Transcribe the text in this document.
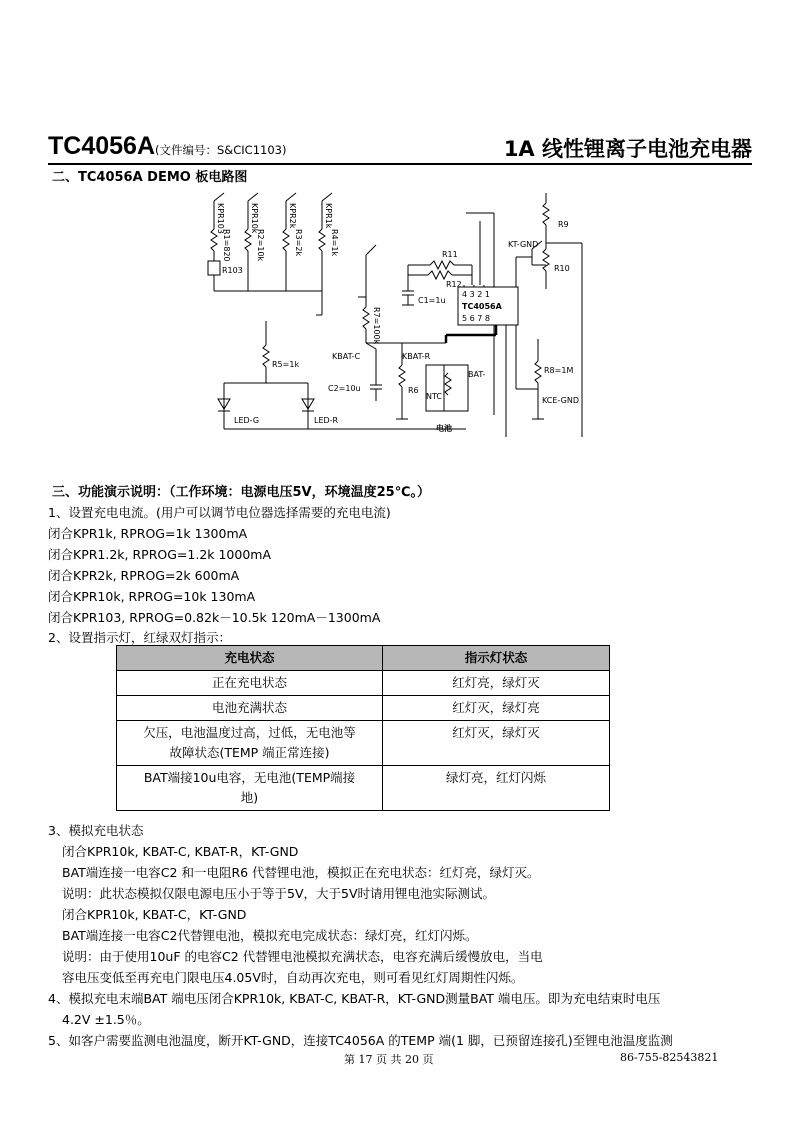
TC4056A(文件编号：S&CIC1103)	1A 线性锂离子电池充电器
二、TC4056A DEMO 板电路图
KPR103
R1=820
R103
KPR10k
R2=10k
KPR2k
R3=2k
KPR1k
R4=1k	R11
R12
C1=1u
4 3 2 1
TC4056A
5 6 7 8
R7=100k
KBAT-C	KBAT-R
R5=1k
C2=10u	R6
LED-G	LED-R
BAT-
NTC
电池
R9
KT-GND
R10
R8=1M
KCE-GND
三、功能演示说明：（工作环境：电源电压5V，环境温度25℃。）
1、设置充电电流。(用户可以调节电位器选择需要的充电电流)
闭合KPR1k, RPROG=1k 1300mA
闭合KPR1.2k, RPROG=1.2k 1000mA
闭合KPR2k, RPROG=2k 600mA
闭合KPR10k, RPROG=10k 130mA
闭合KPR103, RPROG=0.82k－10.5k 120mA－1300mA
2、设置指示灯，红绿双灯指示：
充电状态	指示灯状态
正在充电状态	红灯亮，绿灯灭
电池充满状态	红灯灭，绿灯亮
欠压，电池温度过高，过低，无电池等故障状态(TEMP 端正常连接)	红灯灭，绿灯灭
BAT端接10u电容，无电池(TEMP端接地)	绿灯亮，红灯闪烁
3、模拟充电状态
闭合KPR10k, KBAT-C, KBAT-R，KT-GND
BAT端连接一电容C2 和一电阻R6 代替锂电池，模拟正在充电状态：红灯亮，绿灯灭。
说明：此状态模拟仅限电源电压小于等于5V，大于5V时请用锂电池实际测试。
闭合KPR10k, KBAT-C，KT-GND
BAT端连接一电容C2代替锂电池，模拟充电完成状态：绿灯亮，红灯闪烁。
说明：由于使用10uF 的电容C2 代替锂电池模拟充满状态，电容充满后缓慢放电，当电
容电压变低至再充电门限电压4.05V时，自动再次充电，则可看见红灯周期性闪烁。
4、模拟充电末端BAT 端电压闭合KPR10k, KBAT-C, KBAT-R，KT-GND测量BAT 端电压。即为充电结束时电压
4.2V ±1.5％。
5、如客户需要监测电池温度，断开KT-GND，连接TC4056A 的TEMP 端(1 脚，已预留连接孔)至锂电池温度监测
第 17 页 共 20 页	86-755-82543821
